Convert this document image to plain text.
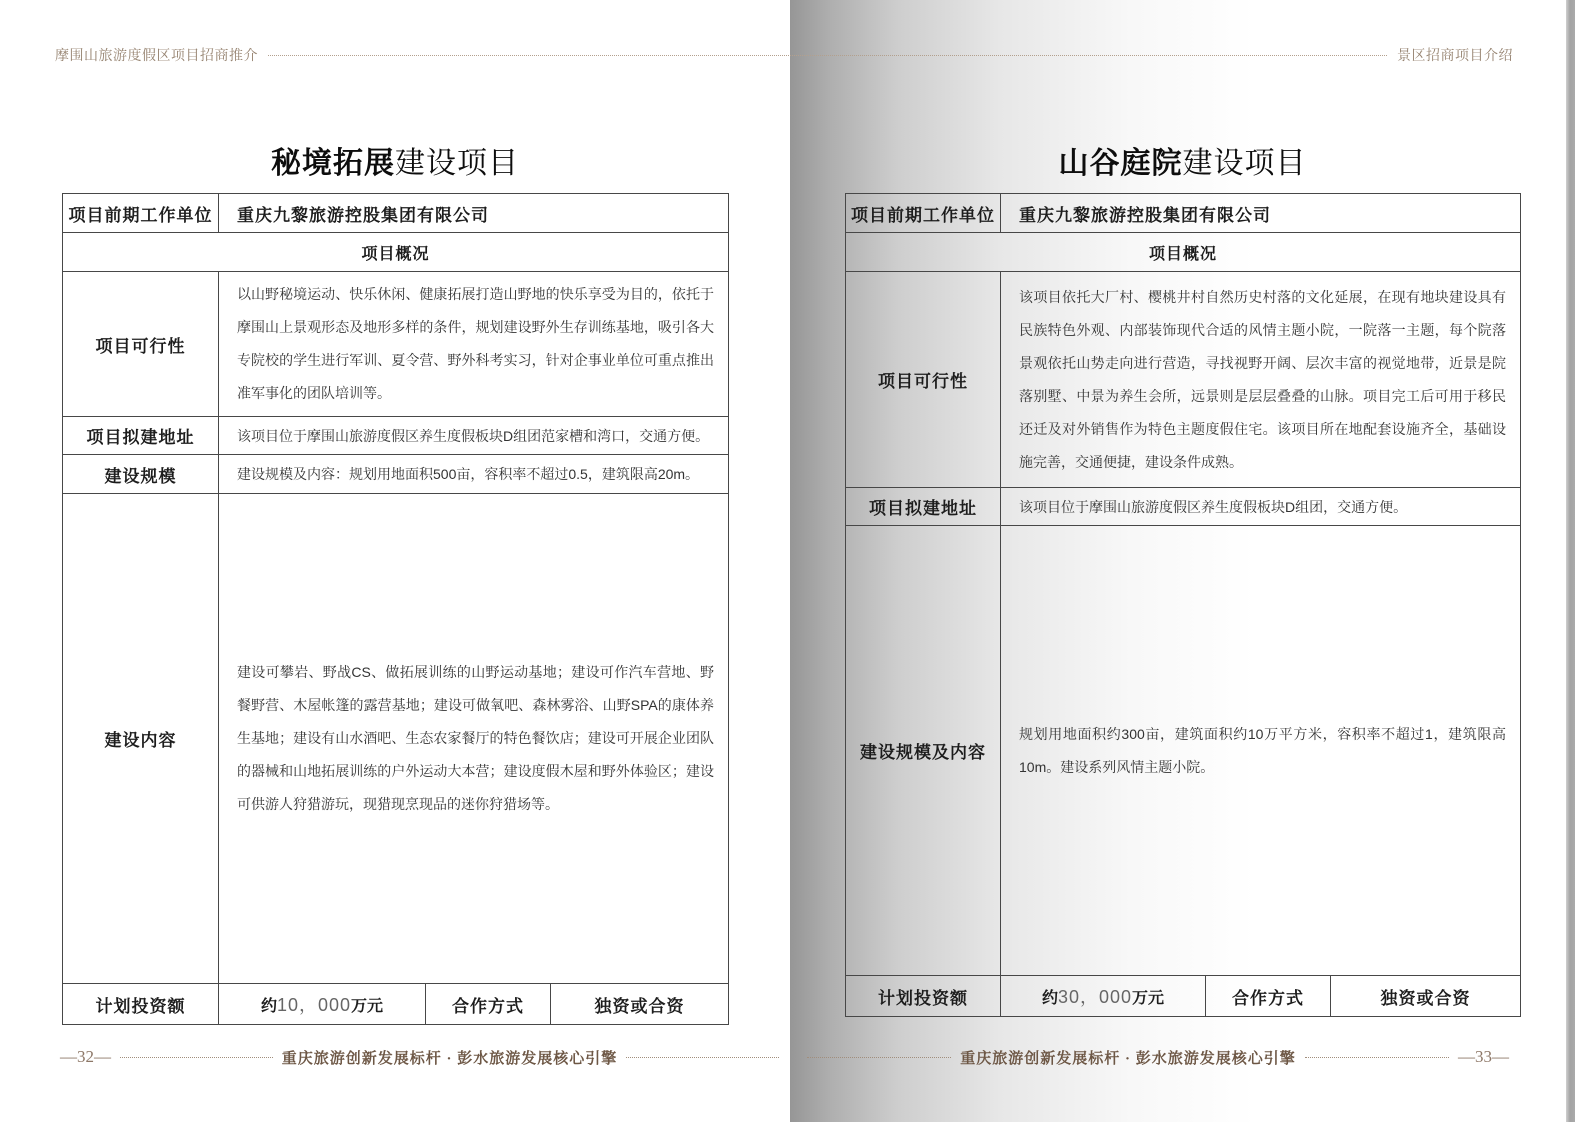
秘境拓展建设项目
项目前期工作单位	重庆九黎旅游控股集团有限公司		
项目概况			
项目可行性	以山野秘境运动、快乐休闲、健康拓展打造山野地的快乐享受为目的，依托于摩围山上景观形态及地形多样的条件，规划建设野外生存训练基地，吸引各大专院校的学生进行军训、夏令营、野外科考实习，针对企事业单位可重点推出准军事化的团队培训等。		
项目拟建地址	该项目位于摩围山旅游度假区养生度假板块D组团范家槽和湾口，交通方便。		
建设规模	建设规模及内容：规划用地面积500亩，容积率不超过0.5，建筑限高20m。		
建设内容	建设可攀岩、野战CS、做拓展训练的山野运动基地；建设可作汽车营地、野餐野营、木屋帐篷的露营基地；建设可做氧吧、森林雾浴、山野SPA的康体养生基地；建设有山水酒吧、生态农家餐厅的特色餐饮店；建设可开展企业团队的器械和山地拓展训练的户外运动大本营；建设度假木屋和野外体验区；建设可供游人狩猎游玩，现猎现烹现品的迷你狩猎场等。		
计划投资额	约10，000万元	合作方式	独资或合资
—32—	重庆旅游创新发展标杆 · 彭水旅游发展核心引擎
山谷庭院建设项目
项目前期工作单位	重庆九黎旅游控股集团有限公司		
项目概况			
项目可行性	该项目依托大厂村、樱桃井村自然历史村落的文化延展，在现有地块建设具有民族特色外观、内部装饰现代合适的风情主题小院，一院落一主题，每个院落景观依托山势走向进行营造，寻找视野开阔、层次丰富的视觉地带，近景是院落别墅、中景为养生会所，远景则是层层叠叠的山脉。项目完工后可用于移民还迁及对外销售作为特色主题度假住宅。该项目所在地配套设施齐全，基础设施完善，交通便捷，建设条件成熟。		
项目拟建地址	该项目位于摩围山旅游度假区养生度假板块D组团，交通方便。		
建设规模及内容	规划用地面积约300亩，建筑面积约10万平方米，容积率不超过1，建筑限高10m。建设系列风情主题小院。		
计划投资额	约30，000万元	合作方式	独资或合资
重庆旅游创新发展标杆 · 彭水旅游发展核心引擎	—33—
摩围山旅游度假区项目招商推介	景区招商项目介绍
